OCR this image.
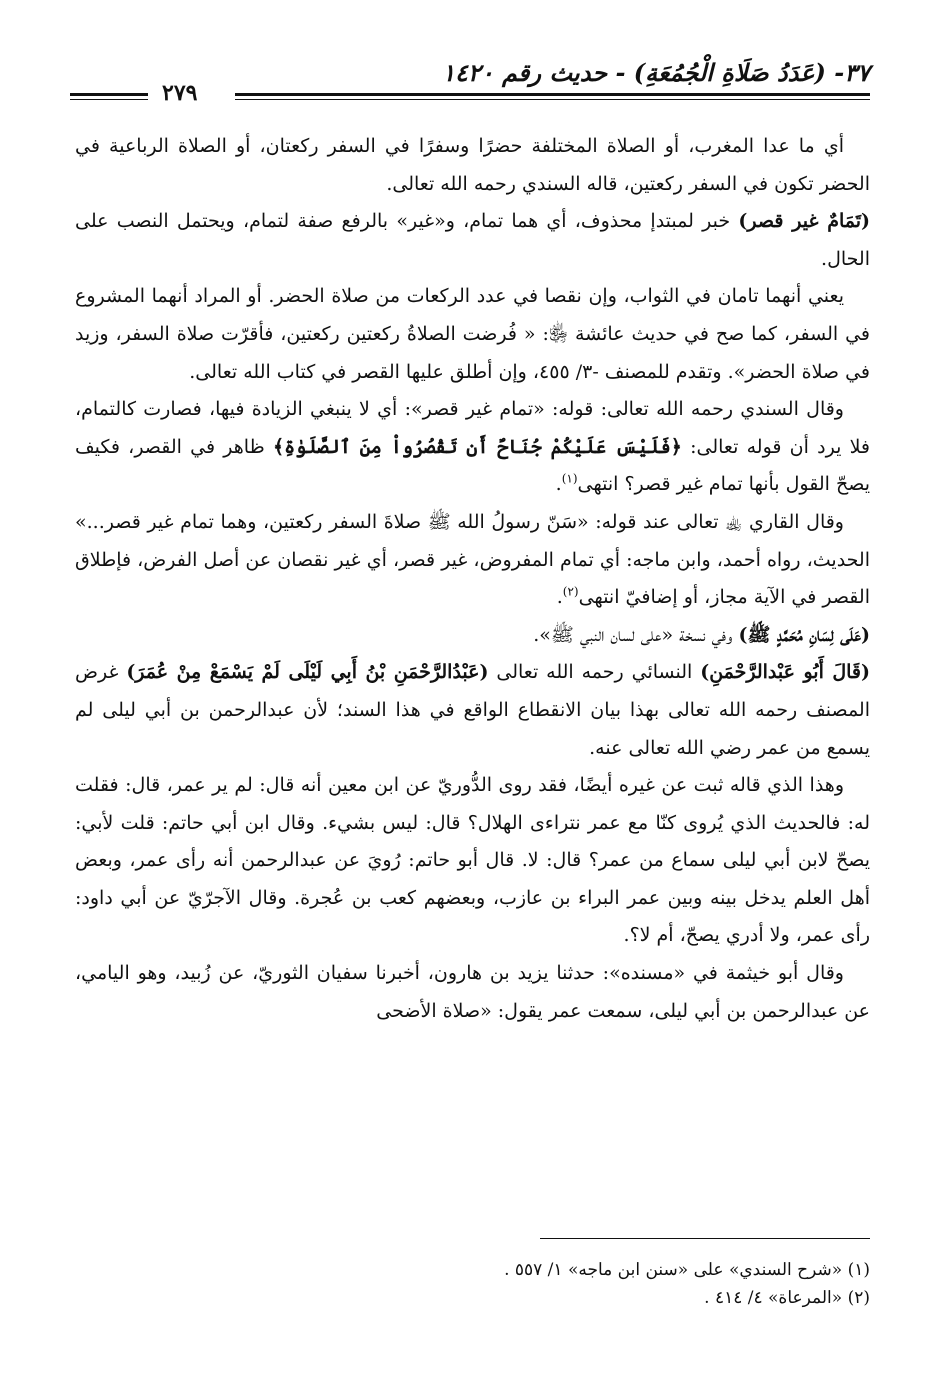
٣٧- (عَدَدُ صَلَاةِ الْجُمُعَةِ) - حديث رقم ١٤٢٠
٢٧٩

أي ما عدا المغرب، أو الصلاة المختلفة حضرًا وسفرًا في السفر ركعتان، أو الصلاة الرباعية في الحضر تكون في السفر ركعتين، قاله السندي رحمه الله تعالى.

(تَمَامٌ غير قصر) خبر لمبتدإ محذوف، أي هما تمام، و«غير» بالرفع صفة لتمام، ويحتمل النصب على الحال.

يعني أنهما تامان في الثواب، وإن نقصا في عدد الركعات من صلاة الحضر. أو المراد أنهما المشروع في السفر، كما صح في حديث عائشة ﵂: « فُرضت الصلاةُ ركعتين ركعتين، فأقرّت صلاة السفر، وزيد في صلاة الحضر». وتقدم للمصنف -٣/ ٤٥٥، وإن أطلق عليها القصر في كتاب الله تعالى.

وقال السندي رحمه الله تعالى: قوله: «تمام غير قصر»: أي لا ينبغي الزيادة فيها، فصارت كالتمام، فلا يرد أن قوله تعالى: ﴿فَلَيْسَ عَلَيْكُمْ جُنَاحٌ أَن تَقْصُرُواْ مِنَ ٱلصَّلَوٰةِ﴾ ظاهر في القصر، فكيف يصحّ القول بأنها تمام غير قصر؟ انتهى$^{(١)}$.

وقال القاري ﵀ تعالى عند قوله: «سَنّ رسولُ الله ﷺ صلاةَ السفر ركعتين، وهما تمام غير قصر...» الحديث، رواه أحمد، وابن ماجه: أي تمام المفروض، غير قصر، أي غير نقصان عن أصل الفرض، فإطلاق القصر في الآية مجاز، أو إضافيّ انتهى$^{(٢)}$.

(عَلَى لِسَانِ مُحَمَّدٍ ﷺ) وفي نسخة «على لسان النبي ﷺ».

(قَالَ أَبُو عَبْدالرَّحْمَنِ) النسائي رحمه الله تعالى (عَبْدُالرَّحْمَنِ بْنُ أَبِي لَيْلَى لَمْ يَسْمَعْ مِنْ عُمَرَ) غرض المصنف رحمه الله تعالى بهذا بيان الانقطاع الواقع في هذا السند؛ لأن عبدالرحمن بن أبي ليلى لم يسمع من عمر رضي الله تعالى عنه.

وهذا الذي قاله ثبت عن غيره أيضًا، فقد روى الدُّوريّ عن ابن معين أنه قال: لم ير عمر، قال: فقلت له: فالحديث الذي يُروى كنّا مع عمر نتراءى الهلال؟ قال: ليس بشيء. وقال ابن أبي حاتم: قلت لأبي: يصحّ لابن أبي ليلى سماع من عمر؟ قال: لا. قال أبو حاتم: رُويَ عن عبدالرحمن أنه رأى عمر، وبعض أهل العلم يدخل بينه وبين عمر البراء بن عازب، وبعضهم كعب بن عُجرة. وقال الآجرّيّ عن أبي داود: رأى عمر، ولا أدري يصحّ، أم لا؟.

وقال أبو خيثمة في «مسنده»: حدثنا يزيد بن هارون، أخبرنا سفيان الثوريّ، عن زُبيد، وهو اليامي، عن عبدالرحمن بن أبي ليلى، سمعت عمر يقول: «صلاة الأضحى

(١) «شرح السندي» على «سنن ابن ماجه» ١/ ٥٥٧ .
(٢) «المرعاة» ٤/ ٤١٤ .
